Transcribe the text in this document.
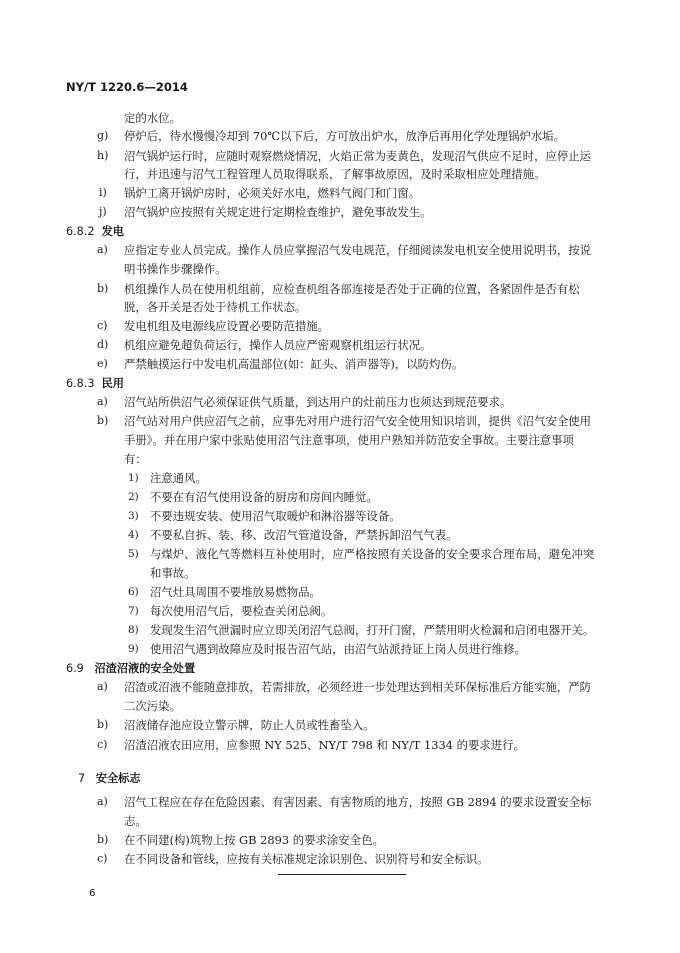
NY/T 1220.6—2014
定的水位。
g) 停炉后，待水慢慢冷却到 70℃以下后，方可放出炉水，放净后再用化学处理锅炉水垢。
h) 沼气锅炉运行时，应随时观察燃烧情况，火焰正常为麦黄色，发现沼气供应不足时，应停止运
行，并迅速与沼气工程管理人员取得联系，了解事故原因，及时采取相应处理措施。
i) 锅炉工离开锅炉房时，必须关好水电，燃料气阀门和门窗。
j) 沼气锅炉应按照有关规定进行定期检查维护，避免事故发生。
6.8.2 发电
a) 应指定专业人员完成。操作人员应掌握沼气发电规范，仔细阅读发电机安全使用说明书，按说
明书操作步骤操作。
b) 机组操作人员在使用机组前，应检查机组各部连接是否处于正确的位置，各紧固件是否有松
脱，各开关是否处于待机工作状态。
c) 发电机组及电源线应设置必要防范措施。
d) 机组应避免超负荷运行，操作人员应严密观察机组运行状况。
e) 严禁触摸运行中发电机高温部位(如：缸头、消声器等)，以防灼伤。
6.8.3 民用
a) 沼气站所供沼气必须保证供气质量，到达用户的灶前压力也须达到规范要求。
b) 沼气站对用户供应沼气之前，应事先对用户进行沼气安全使用知识培训，提供《沼气安全使用
手册》。并在用户家中张贴使用沼气注意事项，使用户熟知并防范安全事故。主要注意事项
有：
1) 注意通风。
2) 不要在有沼气使用设备的厨房和房间内睡觉。
3) 不要违规安装、使用沼气取暖炉和淋浴器等设备。
4) 不要私自拆、装、移、改沼气管道设备，严禁拆卸沼气气表。
5) 与煤炉、液化气等燃料互补使用时，应严格按照有关设备的安全要求合理布局，避免冲突
和事故。
6) 沼气灶具周围不要堆放易燃物品。
7) 每次使用沼气后，要检查关闭总阀。
8) 发现发生沼气泄漏时应立即关闭沼气总阀，打开门窗，严禁用明火检漏和启闭电器开关。
9) 使用沼气遇到故障应及时报告沼气站，由沼气站派持证上岗人员进行维修。
6.9 沼渣沼液的安全处置
a) 沼渣或沼液不能随意排放，若需排放，必须经进一步处理达到相关环保标准后方能实施，严防
二次污染。
b) 沼液储存池应设立警示牌，防止人员或牲畜坠入。
c) 沼渣沼液农田应用，应参照 NY 525、NY/T 798 和 NY/T 1334 的要求进行。
7 安全标志
a) 沼气工程应在存在危险因素、有害因素、有害物质的地方，按照 GB 2894 的要求设置安全标
志。
b) 在不同建(构)筑物上按 GB 2893 的要求涂安全色。
c) 在不同设备和管线，应按有关标准规定涂识别色、识别符号和安全标识。
6
